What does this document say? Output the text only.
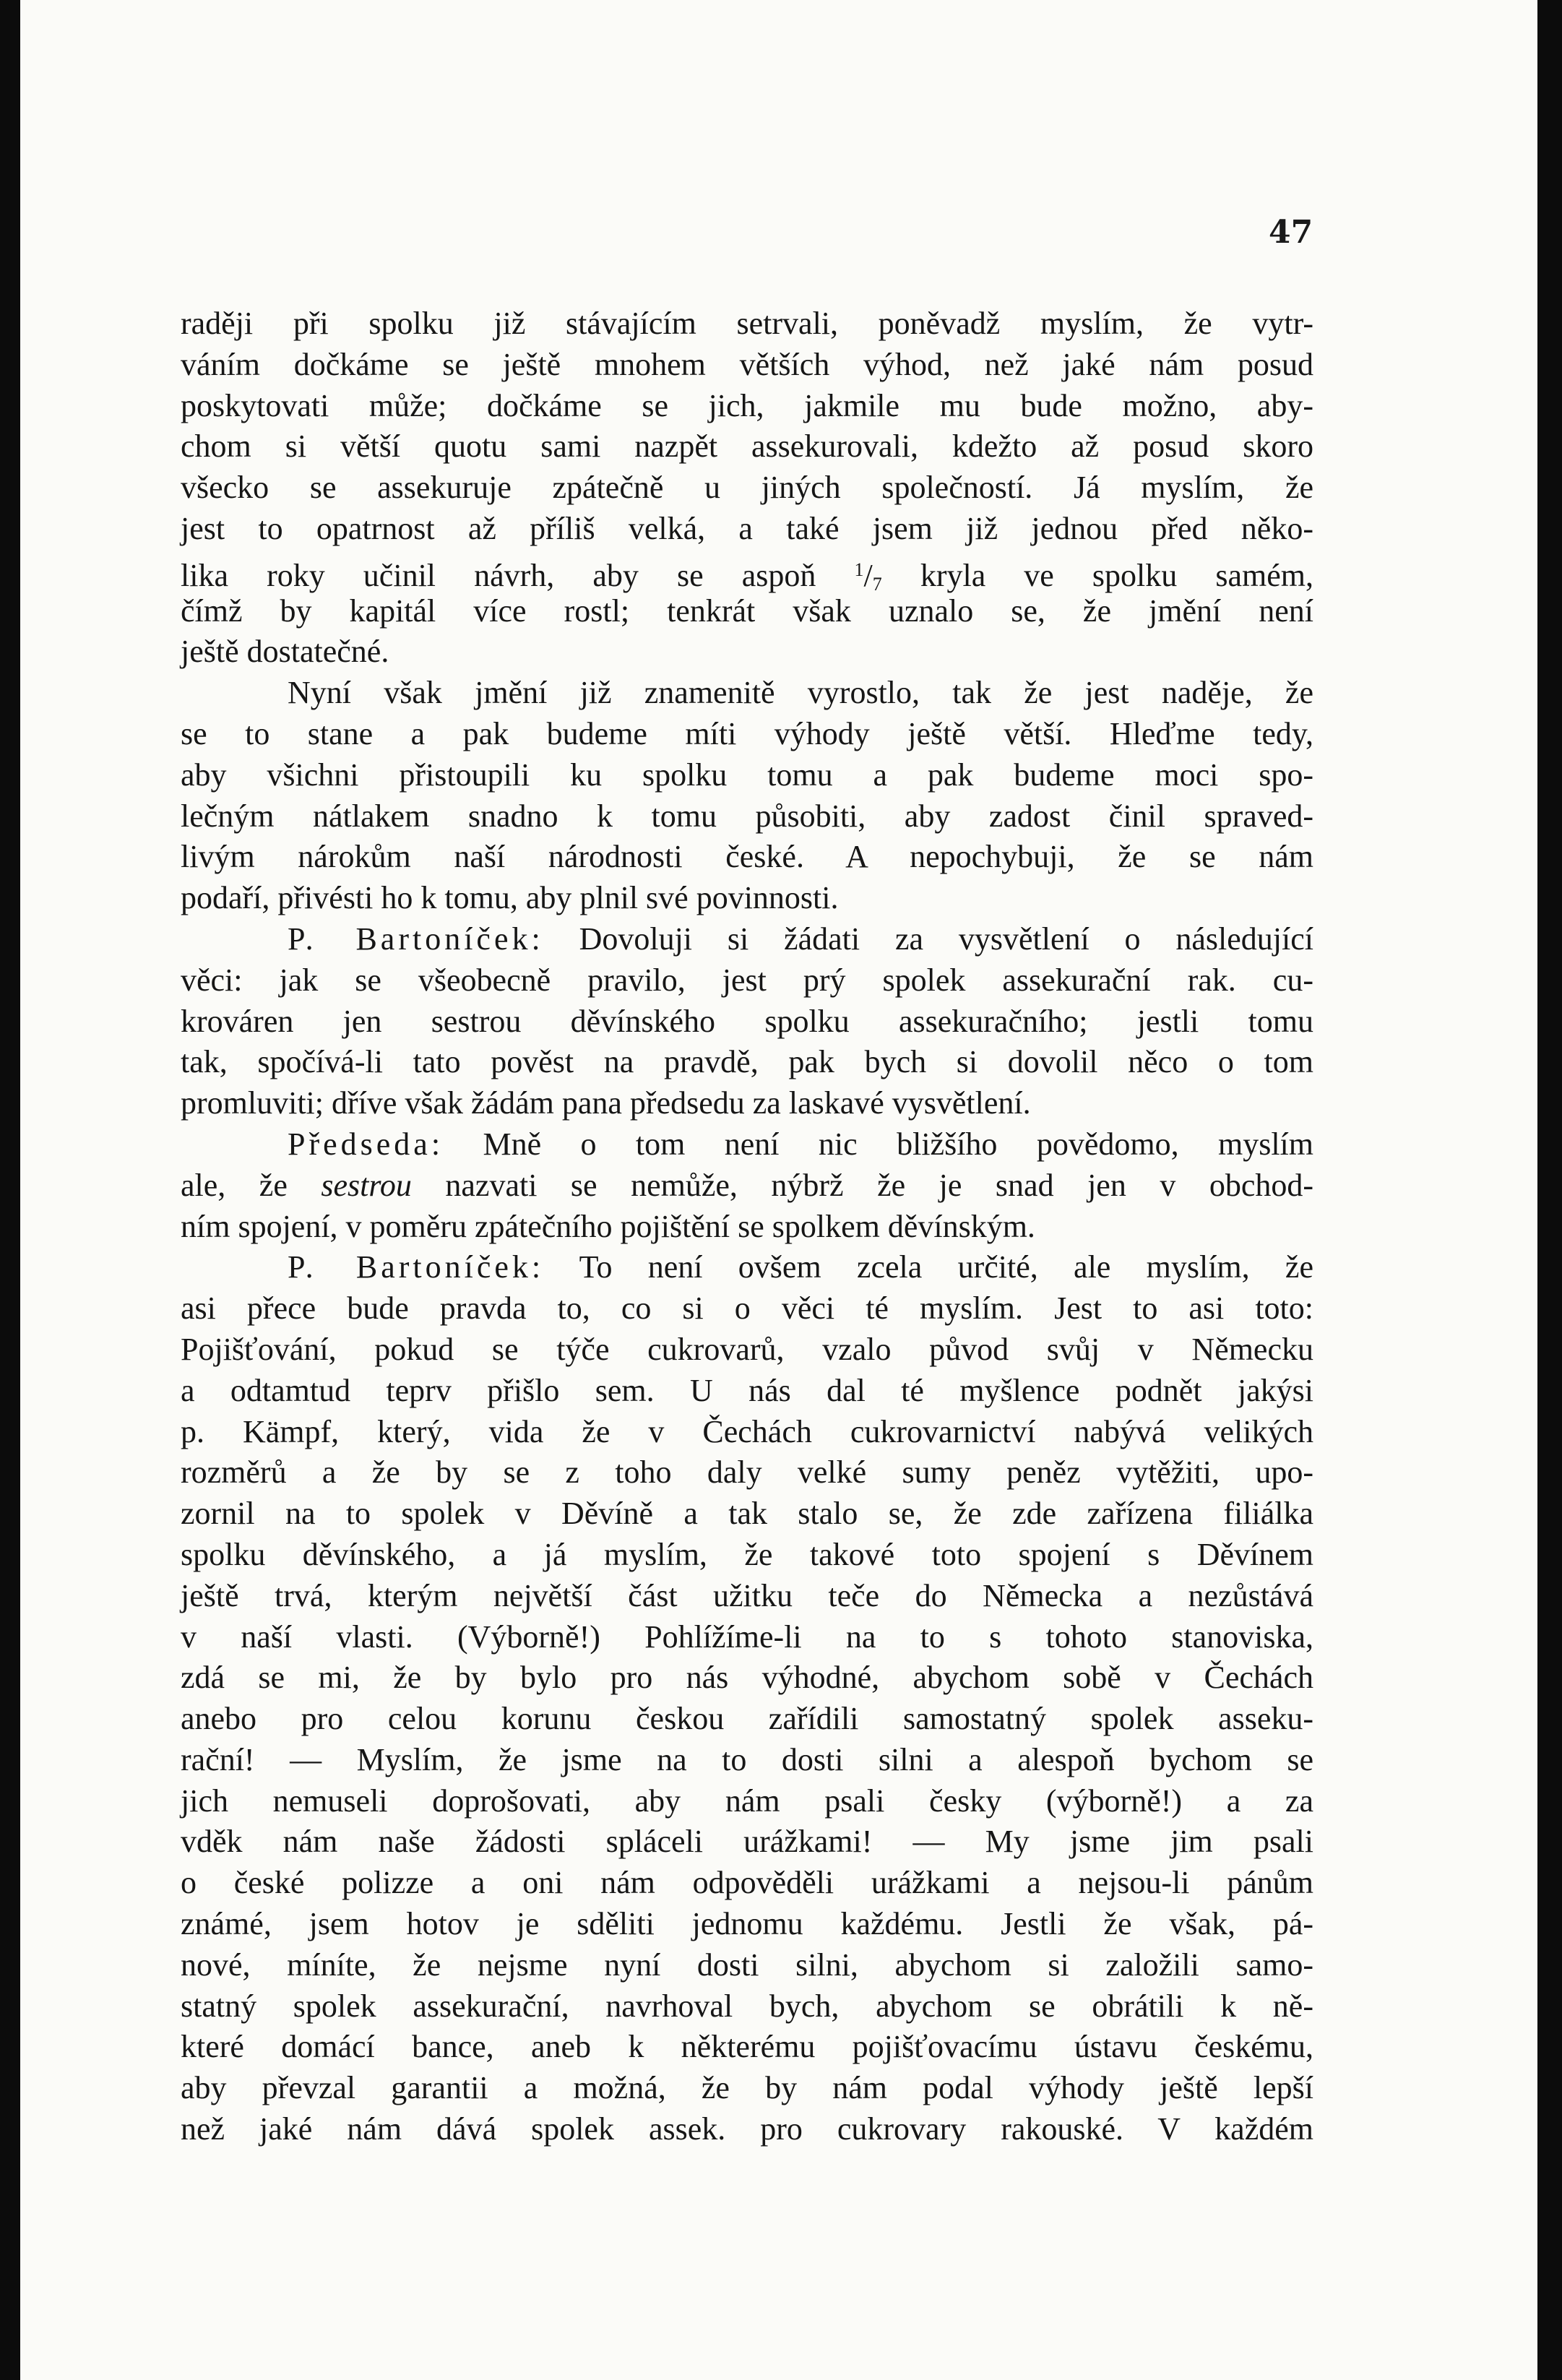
47
raději při spolku již stávajícím setrvali, poněvadž myslím, že vytr-
váním dočkáme se ještě mnohem větších výhod, než jaké nám posud
poskytovati může; dočkáme se jich, jakmile mu bude možno, aby-
chom si větší quotu sami nazpět assekurovali, kdežto až posud skoro
všecko se assekuruje zpátečně u jiných společností. Já myslím, že
jest to opatrnost až příliš velká, a také jsem již jednou před něko-
lika roky učinil návrh, aby se aspoň $^1/_7$ kryla ve spolku samém,
čímž by kapitál více rostl; tenkrát však uznalo se, že jmění není
ještě dostatečné.
Nyní však jmění již znamenitě vyrostlo, tak že jest naděje, že
se to stane a pak budeme míti výhody ještě větší. Hleďme tedy,
aby všichni přistoupili ku spolku tomu a pak budeme moci spo-
lečným nátlakem snadno k tomu působiti, aby zadost činil spraved-
livým nárokům naší národnosti české. A nepochybuji, že se nám
podaří, přivésti ho k tomu, aby plnil své povinnosti.
P. Bartoníček: Dovoluji si žádati za vysvětlení o následující
věci: jak se všeobecně pravilo, jest prý spolek assekurační rak. cu-
krováren jen sestrou děvínského spolku assekuračního; jestli tomu
tak, spočívá-li tato pověst na pravdě, pak bych si dovolil něco o tom
promluviti; dříve však žádám pana předsedu za laskavé vysvětlení.
Předseda: Mně o tom není nic bližšího povědomo, myslím
ale, že sestrou nazvati se nemůže, nýbrž že je snad jen v obchod-
ním spojení, v poměru zpátečního pojištění se spolkem děvínským.
P. Bartoníček: To není ovšem zcela určité, ale myslím, že
asi přece bude pravda to, co si o věci té myslím. Jest to asi toto:
Pojišťování, pokud se týče cukrovarů, vzalo původ svůj v Německu
a odtamtud teprv přišlo sem. U nás dal té myšlence podnět jakýsi
p. Kämpf, který, vida že v Čechách cukrovarnictví nabývá velikých
rozměrů a že by se z toho daly velké sumy peněz vytěžiti, upo-
zornil na to spolek v Děvíně a tak stalo se, že zde zařízena filiálka
spolku děvínského, a já myslím, že takové toto spojení s Děvínem
ještě trvá, kterým největší část užitku teče do Německa a nezůstává
v naší vlasti. (Výborně!) Pohlížíme-li na to s tohoto stanoviska,
zdá se mi, že by bylo pro nás výhodné, abychom sobě v Čechách
anebo pro celou korunu českou zařídili samostatný spolek asseku-
rační! — Myslím, že jsme na to dosti silni a alespoň bychom se
jich nemuseli doprošovati, aby nám psali česky (výborně!) a za
vděk nám naše žádosti spláceli urážkami! — My jsme jim psali
o české polizze a oni nám odpověděli urážkami a nejsou-li pánům
známé, jsem hotov je sděliti jednomu každému. Jestli že však, pá-
nové, míníte, že nejsme nyní dosti silni, abychom si založili samo-
statný spolek assekurační, navrhoval bych, abychom se obrátili k ně-
které domácí bance, aneb k některému pojišťovacímu ústavu českému,
aby převzal garantii a možná, že by nám podal výhody ještě lepší
než jaké nám dává spolek assek. pro cukrovary rakouské. V každém
